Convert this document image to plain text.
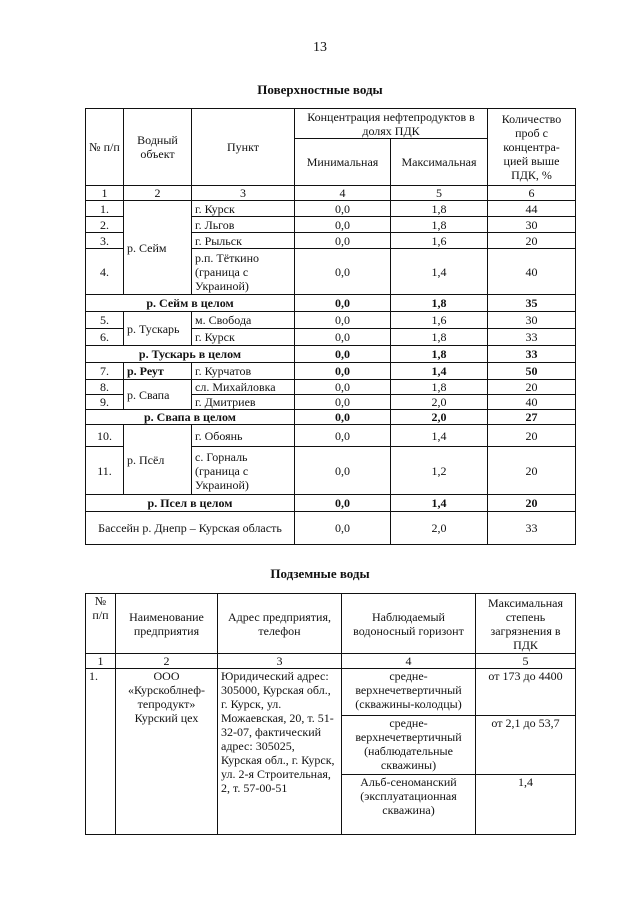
13
Поверхностные воды
№ п/п	Водный объект	Пункт	Концентрация нефтепродуктов в долях ПДК		Количество проб с концентра-цией выше ПДК, %
			Минимальная	Максимальная	
1	2	3	4	5	6
1.	р. Сейм	г. Курск	0,0	1,8	44
2.		г. Льгов	0,0	1,8	30
3.		г. Рыльск	0,0	1,6	20
4.		р.п. Тёткино (граница с Украиной)	0,0	1,4	40
р. Сейм в целом			0,0	1,8	35
5.	р. Тускарь	м. Свобода	0,0	1,6	30
6.		г. Курск	0,0	1,8	33
р. Тускарь в целом			0,0	1,8	33
7.	р. Реут	г. Курчатов	0,0	1,4	50
8.	р. Свапа	сл. Михайловка	0,0	1,8	20
9.		г. Дмитриев	0,0	2,0	40
р. Свапа в целом			0,0	2,0	27
10.	р. Псёл	г. Обоянь	0,0	1,4	20
11.		с. Горналь (граница с Украиной)	0,0	1,2	20
р. Псел в целом			0,0	1,4	20
Бассейн р. Днепр – Курская область			0,0	2,0	33
Подземные воды
№ п/п	Наименование предприятия	Адрес предприятия, телефон	Наблюдаемый водоносный горизонт	Максимальная степень загрязнения в ПДК
1	2	3	4	5
1.	ООО «Курскоблнеф-тепродукт» Курский цех	Юридический адрес: 305000, Курская обл., г. Курск, ул. Можаевская, 20, т. 51-32-07, фактический адрес: 305025, Курская обл., г. Курск, ул. 2-я Строительная, 2, т. 57-00-51	средне-верхнечетвертичный (скважины-колодцы)	от 173 до 4400
			средне-верхнечетвертичный (наблюдательные скважины)	от 2,1 до 53,7
			Альб-сеноманский (эксплуатационная скважина)	1,4
